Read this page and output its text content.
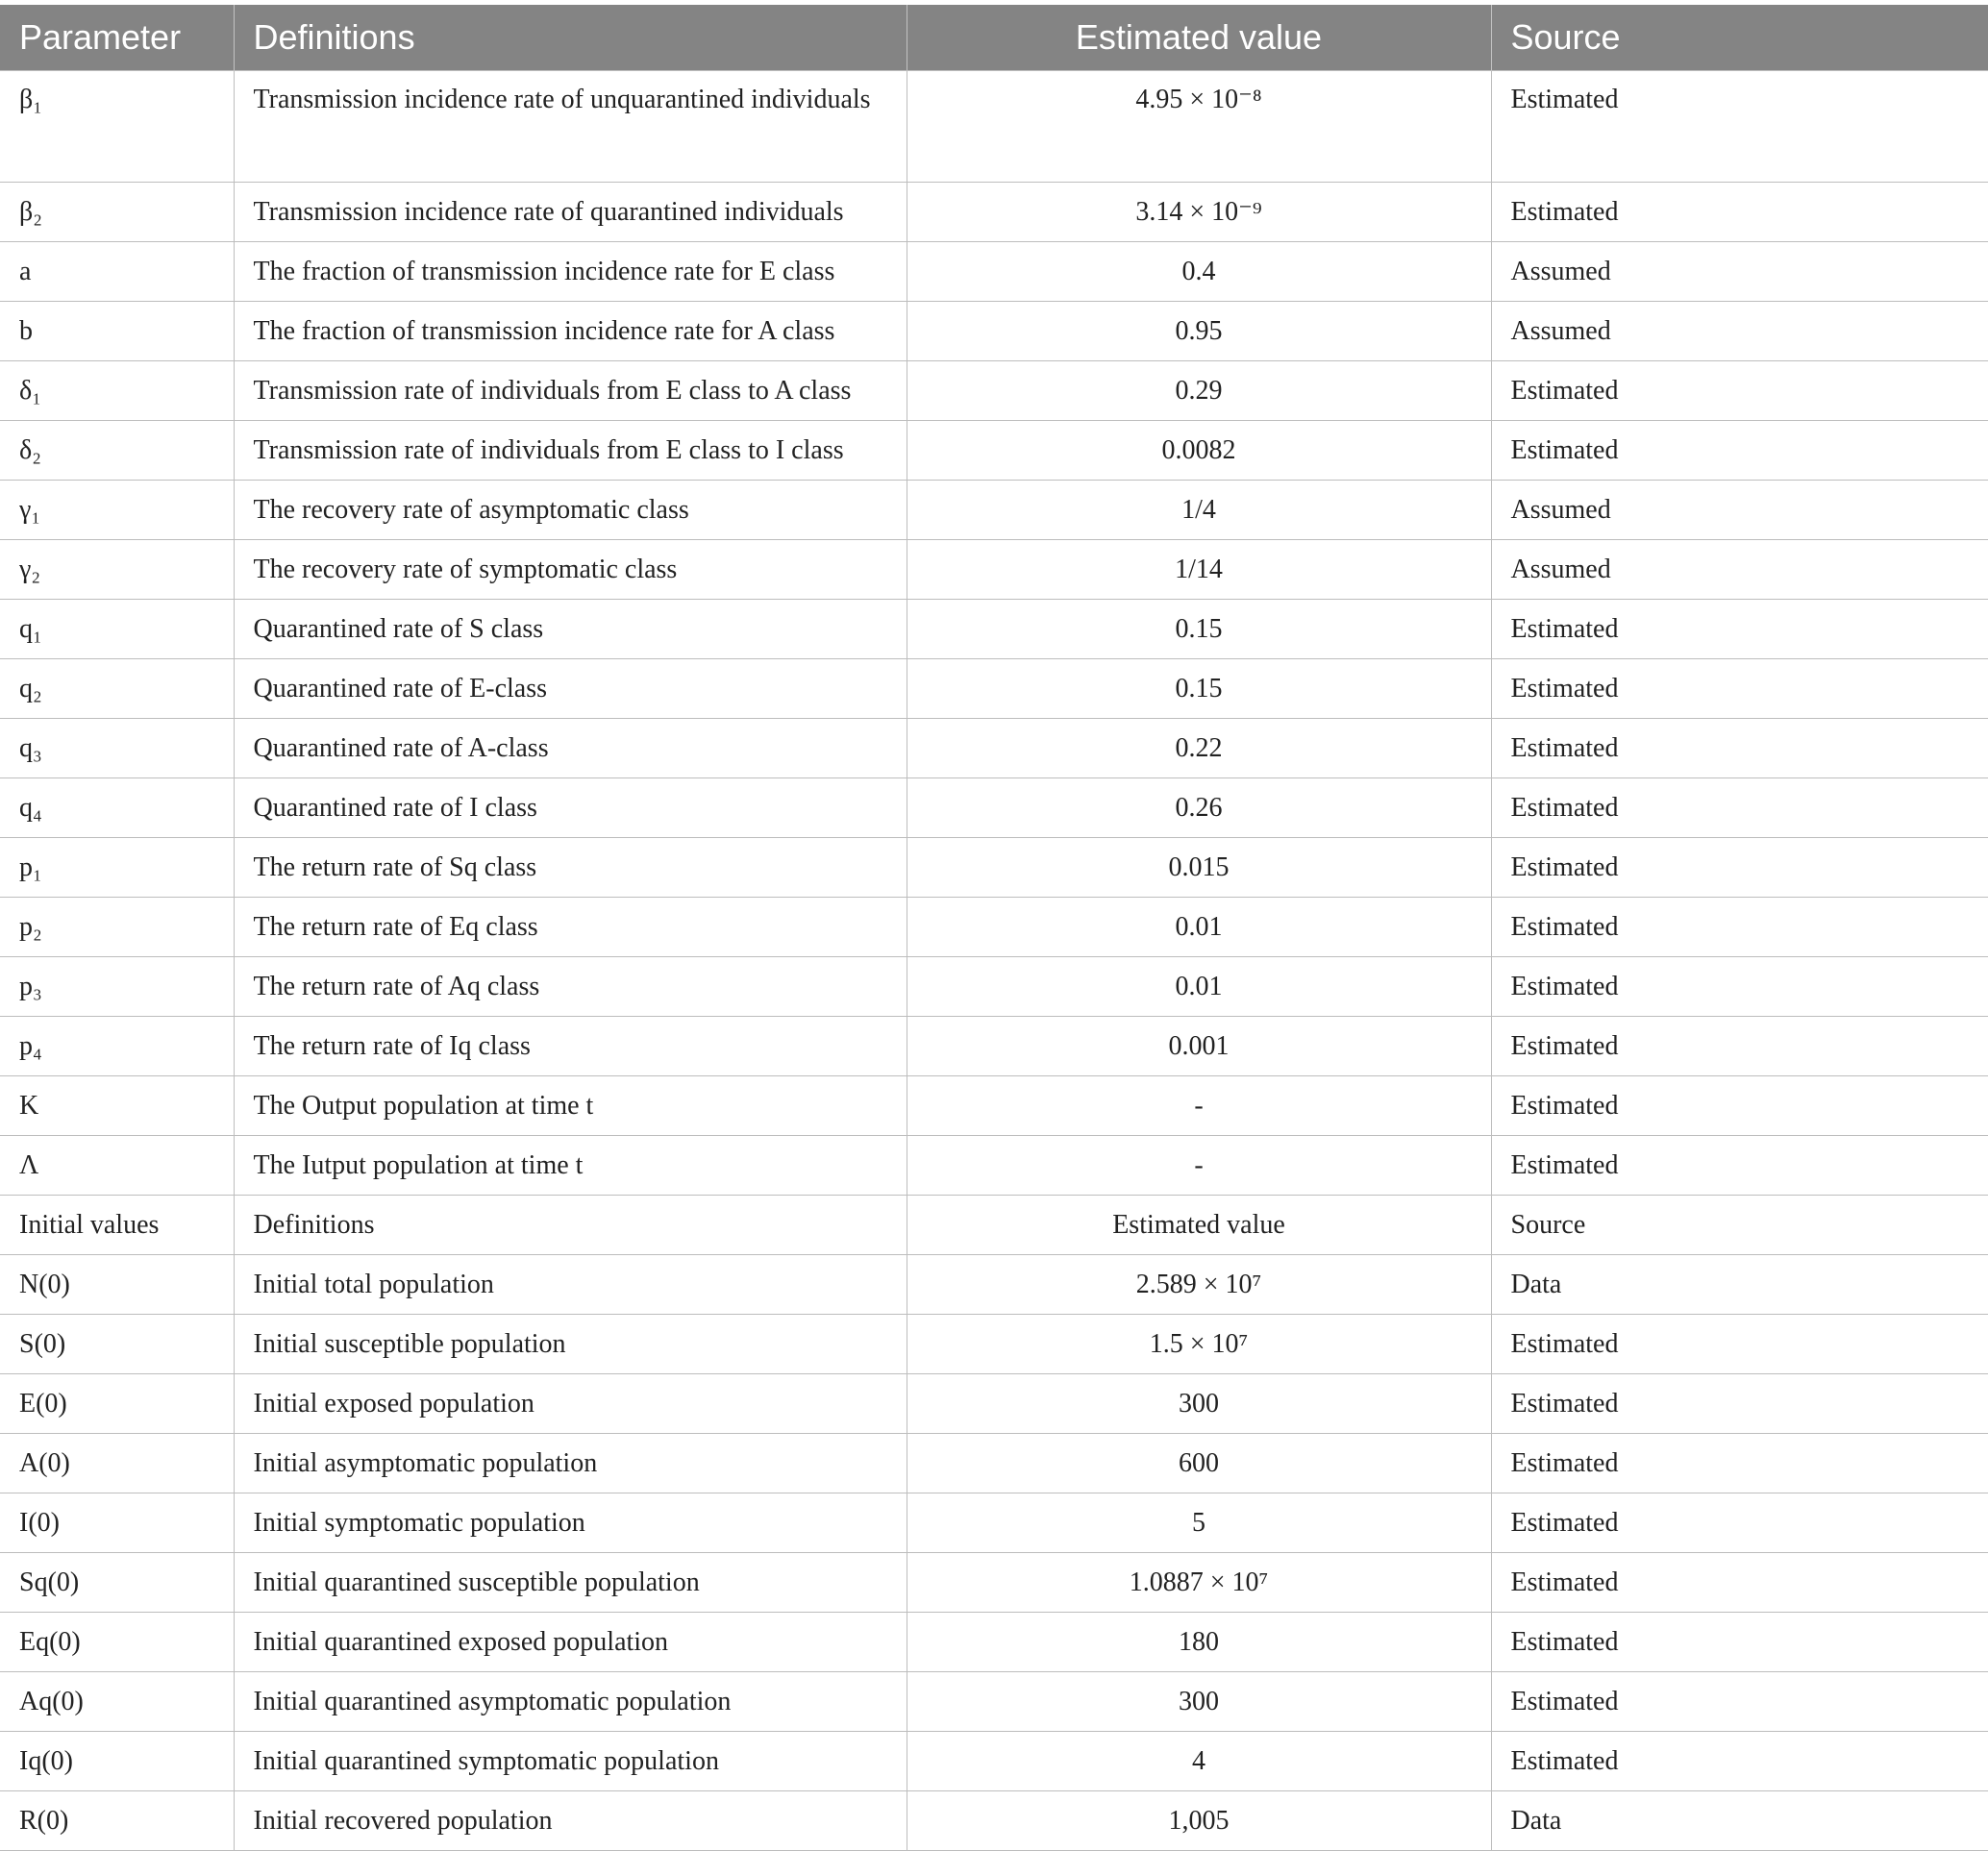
Parameter	Definitions	Estimated value	Source
β₁	Transmission incidence rate of unquarantined individuals	4.95 × 10⁻⁸	Estimated
β₂	Transmission incidence rate of quarantined individuals	3.14 × 10⁻⁹	Estimated
a	The fraction of transmission incidence rate for E class	0.4	Assumed
b	The fraction of transmission incidence rate for A class	0.95	Assumed
δ₁	Transmission rate of individuals from E class to A class	0.29	Estimated
δ₂	Transmission rate of individuals from E class to I class	0.0082	Estimated
γ₁	The recovery rate of asymptomatic class	1/4	Assumed
γ₂	The recovery rate of symptomatic class	1/14	Assumed
q₁	Quarantined rate of S class	0.15	Estimated
q₂	Quarantined rate of E-class	0.15	Estimated
q₃	Quarantined rate of A-class	0.22	Estimated
q₄	Quarantined rate of I class	0.26	Estimated
p₁	The return rate of Sq class	0.015	Estimated
p₂	The return rate of Eq class	0.01	Estimated
p₃	The return rate of Aq class	0.01	Estimated
p₄	The return rate of Iq class	0.001	Estimated
K	The Output population at time t	-	Estimated
Λ	The Iutput population at time t	-	Estimated
Initial values	Definitions	Estimated value	Source
N(0)	Initial total population	2.589 × 10⁷	Data
S(0)	Initial susceptible population	1.5 × 10⁷	Estimated
E(0)	Initial exposed population	300	Estimated
A(0)	Initial asymptomatic population	600	Estimated
I(0)	Initial symptomatic population	5	Estimated
Sq(0)	Initial quarantined susceptible population	1.0887 × 10⁷	Estimated
Eq(0)	Initial quarantined exposed population	180	Estimated
Aq(0)	Initial quarantined asymptomatic population	300	Estimated
Iq(0)	Initial quarantined symptomatic population	4	Estimated
R(0)	Initial recovered population	1,005	Data
